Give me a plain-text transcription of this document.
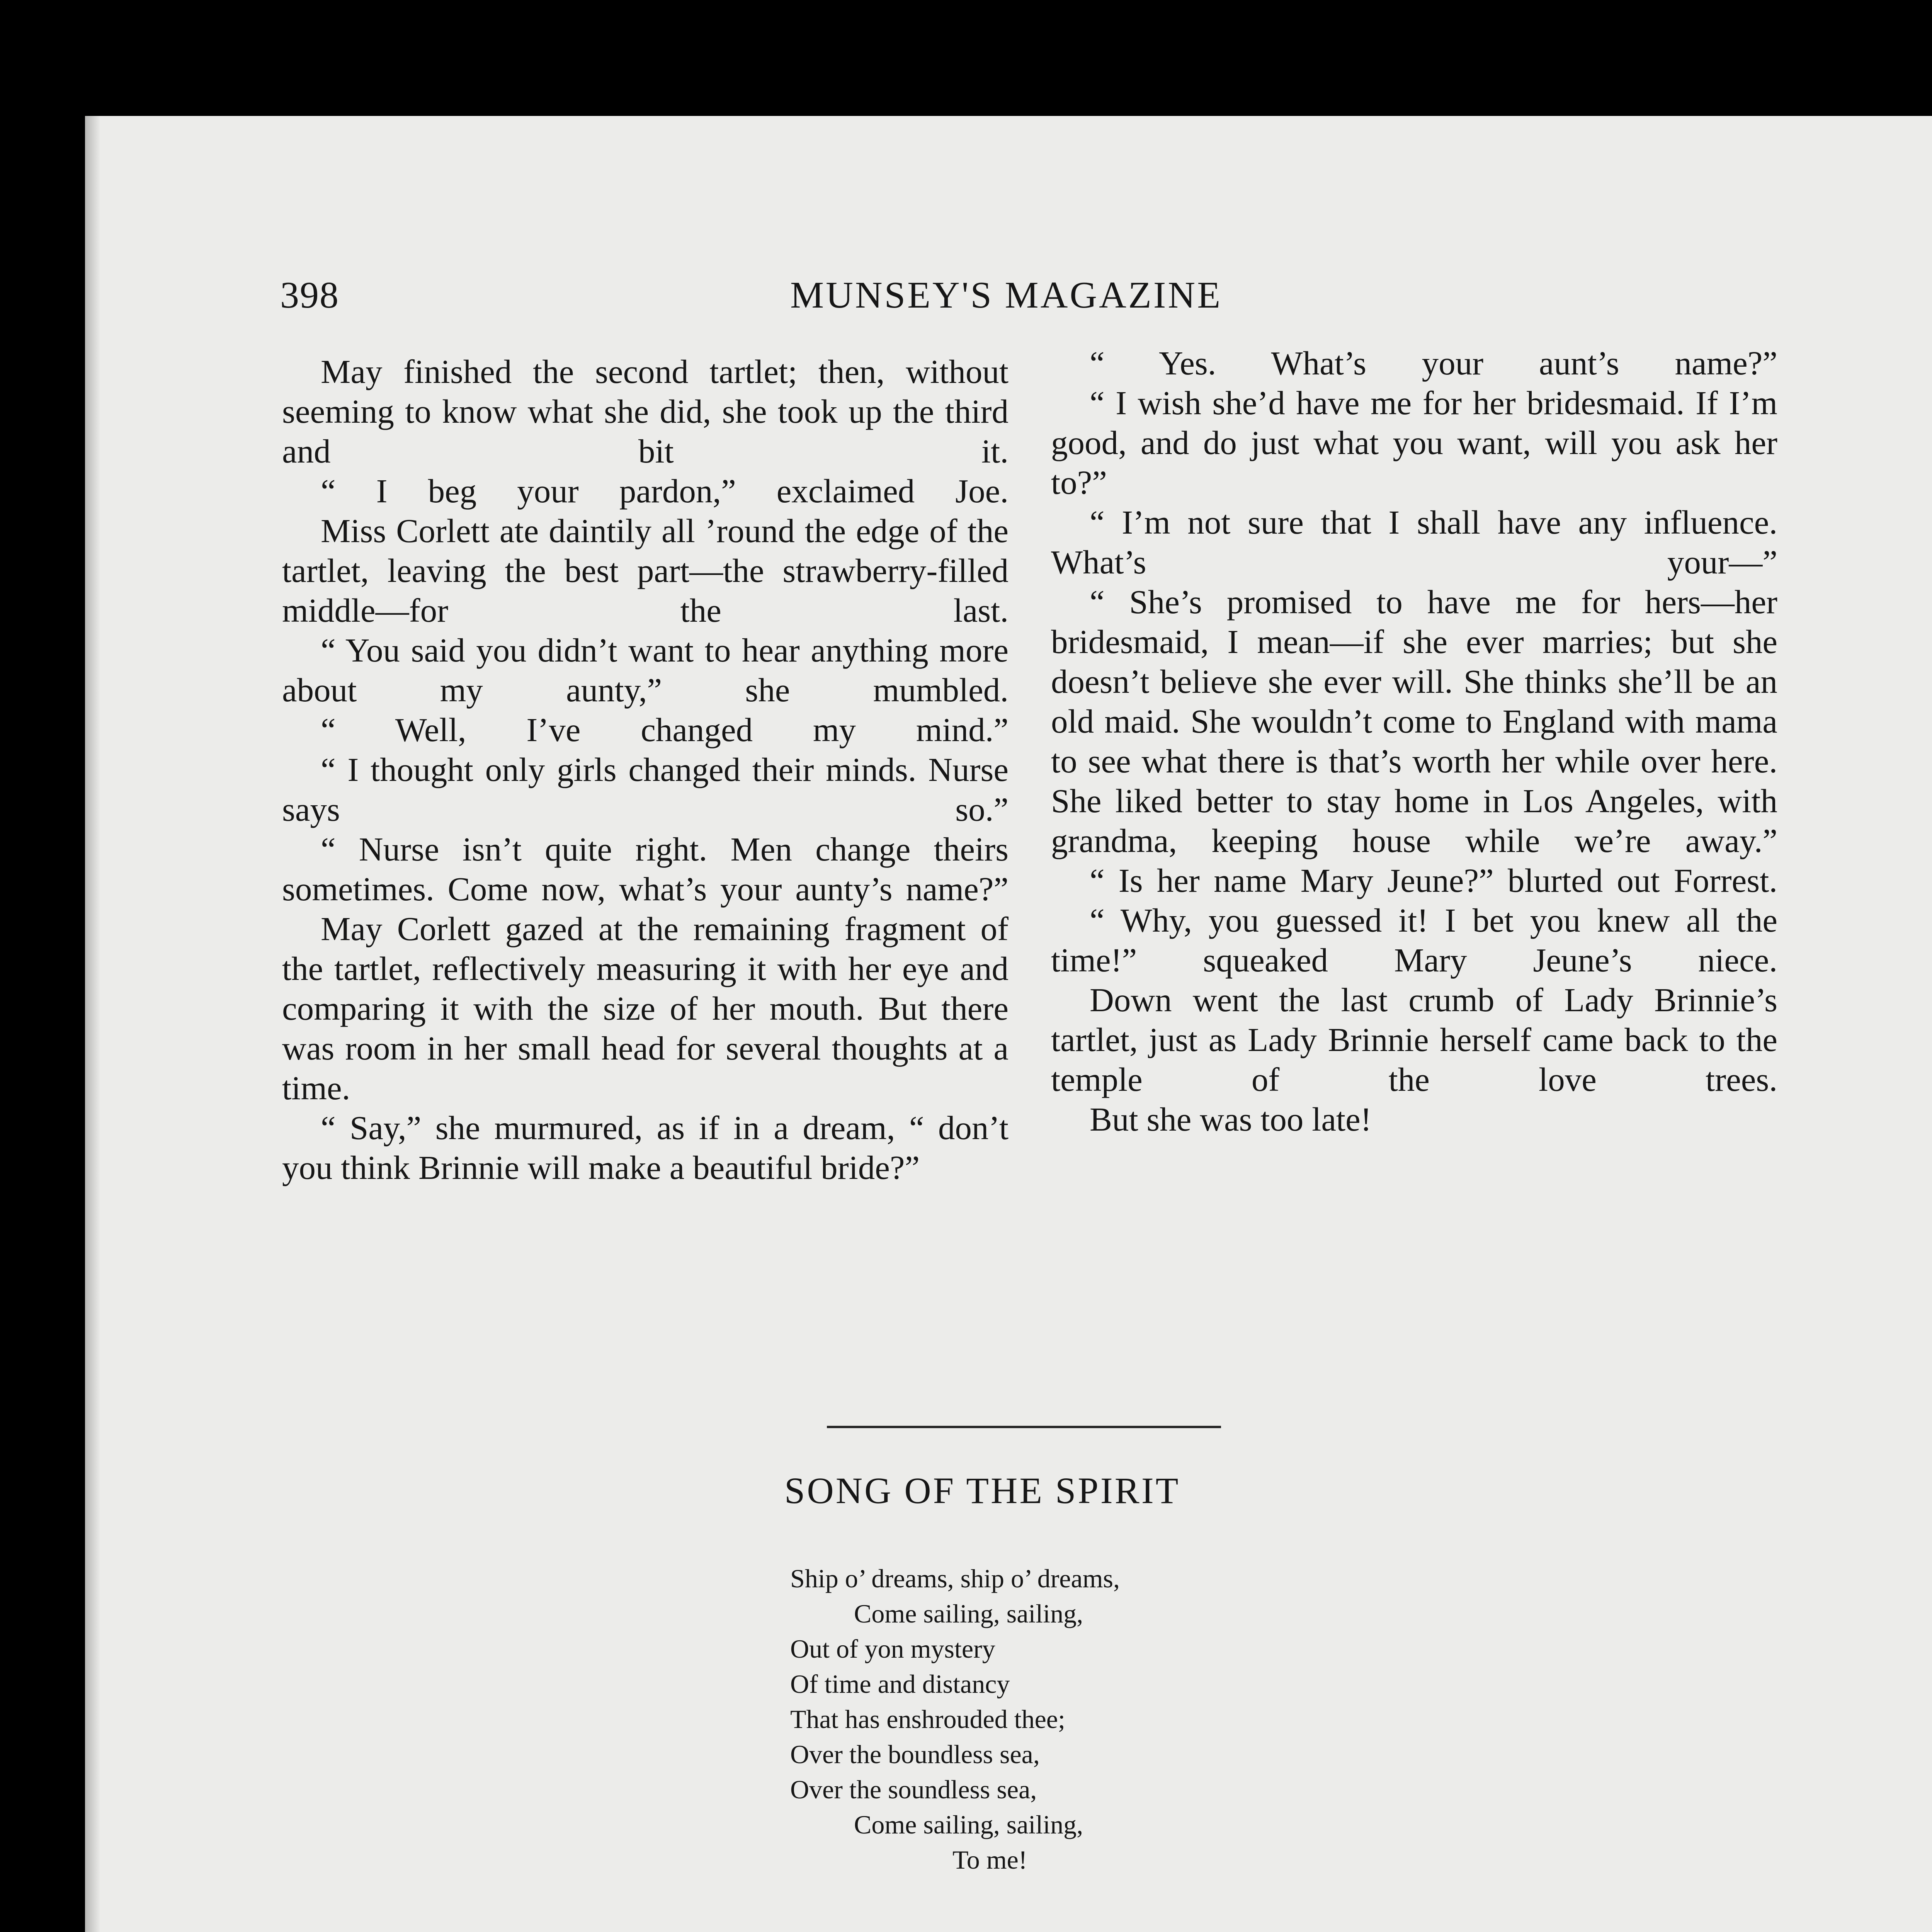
398	MUNSEY'S MAGAZINE

May finished the second tartlet; then, without seeming to know what she did, she took up the third and bit it.

“ I beg your pardon,” exclaimed Joe.

Miss Corlett ate daintily all ’round the edge of the tartlet, leaving the best part—the strawberry-filled middle—for the last.

“ You said you didn’t want to hear anything more about my aunty,” she mumbled.

“ Well, I’ve changed my mind.”

“ I thought only girls changed their minds. Nurse says so.”

“ Nurse isn’t quite right. Men change theirs sometimes. Come now, what’s your aunty’s name?”

May Corlett gazed at the remaining fragment of the tartlet, reflectively measuring it with her eye and comparing it with the size of her mouth. But there was room in her small head for several thoughts at a time.

“ Say,” she murmured, as if in a dream, “ don’t you think Brinnie will make a beautiful bride?”

“ Yes. What’s your aunt’s name?”

“ I wish she’d have me for her bridesmaid. If I’m good, and do just what you want, will you ask her to?”

“ I’m not sure that I shall have any influence. What’s your—”

“ She’s promised to have me for hers—her bridesmaid, I mean—if she ever marries; but she doesn’t believe she ever will. She thinks she’ll be an old maid. She wouldn’t come to England with mama to see what there is that’s worth her while over here. She liked better to stay home in Los Angeles, with grandma, keeping house while we’re away.”

“ Is her name Mary Jeune?” blurted out Forrest.

“ Why, you guessed it! I bet you knew all the time!” squeaked Mary Jeune’s niece.

Down went the last crumb of Lady Brinnie’s tartlet, just as Lady Brinnie herself came back to the temple of the love trees.

But she was too late!

SONG OF THE SPIRIT
Ship o’ dreams, ship o’ dreams,
Come sailing, sailing,
Out of yon mystery
Of time and distancy
That has enshrouded thee;
Over the boundless sea,
Over the soundless sea,
Come sailing, sailing,
To me!
